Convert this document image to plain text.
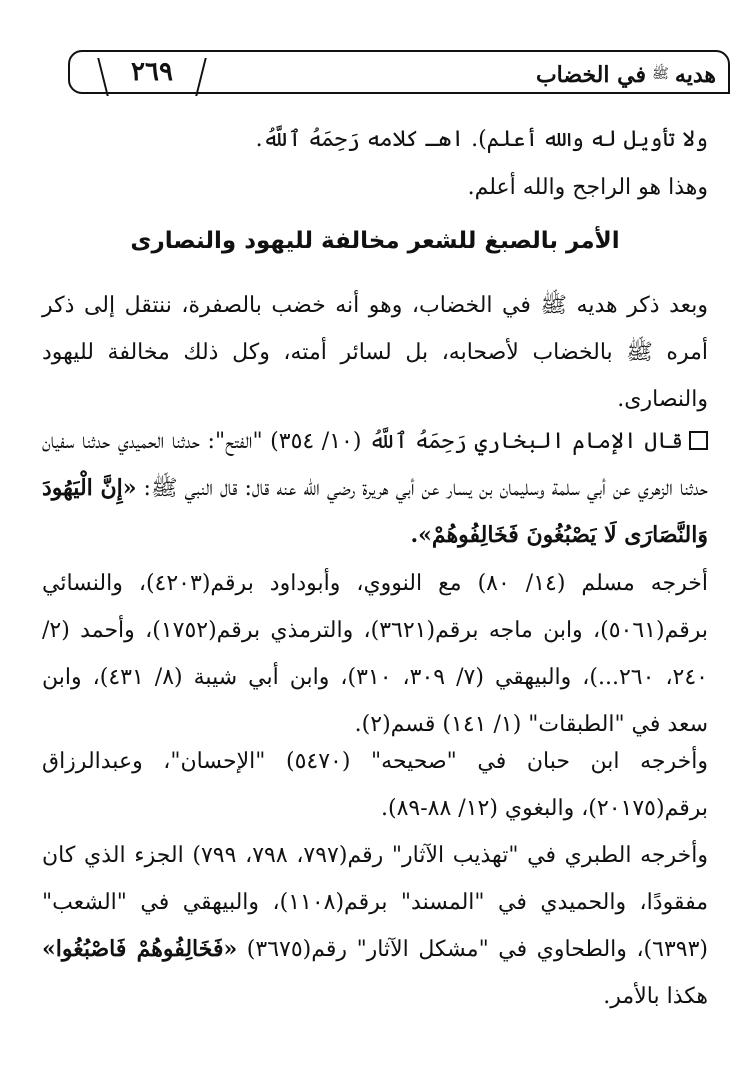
٢٦٩	هديه
ﷺ
في الخضاب
ولا تأويل له والله أعلم). اهـ كلامه رَحِمَهُ ٱللَّهُ.
وهذا هو الراجح والله أعلم.
الأمر بالصبغ للشعر مخالفة لليهود والنصارى
وبعد ذكر هديه ﷺ في الخضاب، وهو أنه خضب بالصفرة، ننتقل إلى ذكر أمره ﷺ بالخضاب لأصحابه، بل لسائر أمته، وكل ذلك مخالفة لليهود والنصارى.
قال الإمام البخاري رَحِمَهُ ٱللَّهُ (١٠/ ٣٥٤) "الفتح": حدثنا الحميدي حدثنا سفيان حدثنا الزهري عن أبي سلمة وسليمان بن يسار عن أبي هريرة رضي الله عنه قال: قال النبي ﷺ: «إِنَّ الْيَهُودَ وَالنَّصَارَى لَا يَصْبُغُونَ فَخَالِفُوهُمْ».
أخرجه مسلم (١٤/ ٨٠) مع النووي، وأبوداود برقم(٤٢٠٣)، والنسائي برقم(٥٠٦١)، وابن ماجه برقم(٣٦٢١)، والترمذي برقم(١٧٥٢)، وأحمد (٢/ ٢٤٠، ٢٦٠...)، والبيهقي (٧/ ٣٠٩، ٣١٠)، وابن أبي شيبة (٨/ ٤٣١)، وابن سعد في "الطبقات" (١/ ١٤١) قسم(٢).
وأخرجه ابن حبان في "صحيحه" (٥٤٧٠) "الإحسان"، وعبدالرزاق برقم(٢٠١٧٥)، والبغوي (١٢/ ٨٨-٨٩).
وأخرجه الطبري في "تهذيب الآثار" رقم(٧٩٧، ٧٩٨، ٧٩٩) الجزء الذي كان مفقودًا، والحميدي في "المسند" برقم(١١٠٨)، والبيهقي في "الشعب" (٦٣٩٣)، والطحاوي في "مشكل الآثار" رقم(٣٦٧٥) «فَخَالِفُوهُمْ فَاصْبُغُوا» هكذا بالأمر.
